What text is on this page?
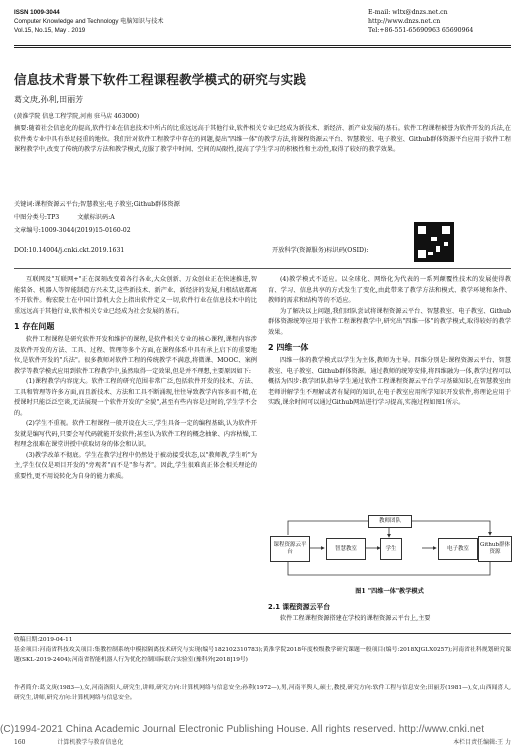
ISSN 1009-3044
Computer Knowledge and Technology 电脑知识与技术
Vol.15, No.15, May . 2019
E-mail: wltx@dnzs.net.cn
http://www.dnzs.net.cn
Tel:+86-551-65690963 65690964
信息技术背景下软件工程课程教学模式的研究与实践
葛文庚,孙利,田丽芳
(黄淮学院 信息工程学院,河南 驻马店 463000)
摘要:随着社会信息化的提高,软件行业在信息技术中所占的比重远远高于其他行业,软件相关专业已经成为新技术、新经济、新产业发展的基石。软件工程课程被誉为软件开发的兵法,在软件类专业中具有举足轻重的地位。我们针对软件工程教学中存在的问题,提出"四维一体"的教学方法,将课程资源云平台、智慧教室、电子教室、Github群体资源平台应用于软件工程课程教学中,改变了传统的教学方法和教学模式,克服了教学中时间、空间的局限性,提高了学生学习的积极性和主动性,取得了较好的教学效果。
关键词:课程资源云平台;智慧教室;电子教室;Github群体资源
中图分类号:TP3	文献标识码:A
文章编号:1009-3044(2019)15-0160-02
DOI:10.14004/j.cnki.ckt.2019.1631	开放科学(资源服务)标识码(OSID):
互联网及"互联网+"正在深刻改变着各行各业,大众创新、万众创业正在快速推进,智能装备、机器人等智能制造方兴未艾,这些新技术、新产业、新经济的发展,归根结底都离不开软件。梅宏院士在中国计算机大会上指出软件定义一切,软件行业在信息技术中的比重远远高于其他行业,软件相关专业已经成为社会发展的基石。
1 存在问题
软件工程课程是研究软件开发和维护的课程,是软件相关专业的核心课程,课程内容涉及软件开发的方法、工具、过程、管理等多个方面,在课程体系中具有承上启下的重要地位,是软件开发的"兵法"。很多教师对软件工程的传统教学不满意,将微课、MOOC、案例教学等教学模式应用到软件工程教学中,虽然取得一定效果,但是并不理想,主要原因如下:
(1)课程教学内容庞大。软件工程的研究范围非常广泛,包括软件开发的技术、方法、工具和管理等许多方面,而且新技术、方法和工具不断涌现,往往导致教学内容多而不精,在授课时只能泛泛空谈,无法展现一个软件开发的"全貌",甚至有些内容是过时的,学生学不会的。
(2)学生不重视。软件工程课程一般开设在大三,学生具备一定的编程基础,认为软件开发就是编写代码,只要会写代码就能开发软件;甚至认为软件工程的概念抽象、内容枯燥,工程理念很难在课堂讲授中获取切身的体会和认识。
(3)教学改革不彻底。学生在教学过程中仍然处于被动接受状态,以"教师教,学生听"为主,学生仅仅是项目开发的"旁观者"而不是"参与者"。因此,学生很难真正体会相关理论的重要性,更不用说转化为自身的能力素质。
(4)教学模式不适应。以全球化、网络化为代表的一系列颠覆性技术的发展使得教育、学习、信息共享的方式发生了变化,由此带来了教学方法和模式、教学环境和条件、教师的需求和结构等的不适应。
为了解决以上问题,我们团队尝试将课程资源云平台、智慧教室、电子教室、Github群体资源统筹应用于软件工程课程教学中,研究出"四维一体"的教学模式,取得较好的教学效果。
2 四维一体
四维一体的教学模式以学生为主体,教师为主导。四维分别是:课程资源云平台、智慧教室、电子教室、Github群体资源。通过教师的统筹安排,将四维融为一体,教学过程可以概括为四步:教学团队指导学生通过软件工程课程资源云平台学习基础知识,在智慧教室由老师讲解学生不理解或者有疑问的知识,在电子教室应用所学知识开发软件,将理论应用于实践,课余时间可以通过Github网站进行学习提高,实施过程如图1所示。
课程资源云平台
智慧教室
教师团队
学生	电子教室
Github群体资源
图1 "四维一体"教学模式
2.1 课程资源云平台
软件工程课程资源搭建在学校的课程资源云平台上,主要
收稿日期:2019-04-11
基金项目:河南省科技攻关项目:集教控制系统中模拟隔离技术研究与实现(编号182102310783);黄淮学院2018年度校级教学研究课题一般项目(编号:2018XJGLX0257);河南省社科规划研究课题(SKL-2019-2404);河南省智能机器人行为优化控制国际联合实验室(豫科外[2018]19号)
作者简介:葛文庚(1983—),女,河南洛阳人,研究生,讲师,研究方向:计算机网络与信息安全;孙利(1972—),男,河南平舆人,硕士,教授,研究方向:软件工程与信息安全;田丽芳(1981—),女,山西闻喜人,研究生,讲师,研究方向:计算机网络与信息安全。
(C)1994-2021 China Academic Journal Electronic Publishing House. All rights reserved. http://www.cnki.net
160	计算机教学与教育信息化	本栏目责任编辑:王 力
